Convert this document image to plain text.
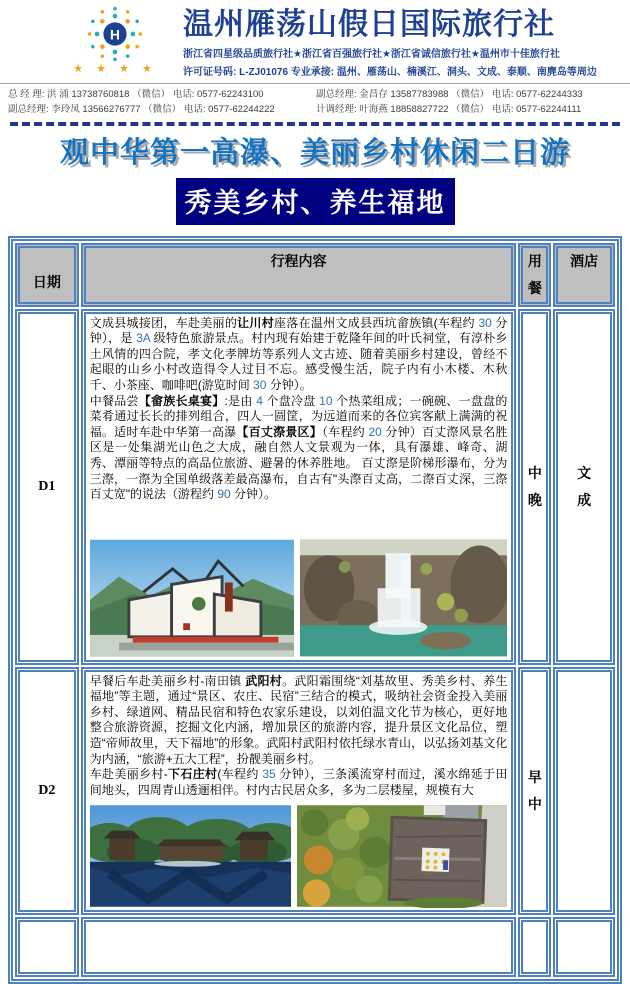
H
★ ★ ★ ★
温州雁荡山假日国际旅行社
浙江省四星级品质旅行社★浙江省百强旅行社★浙江省诚信旅行社★温州市十佳旅行社
许可证号码: L-ZJ01076 专业承接: 温州、雁荡山、楠溪江、洞头、文成、泰顺、南麂岛等周边
总 经 理: 洪 涌 13738760818 （微信） 电话: 0577-62243100
副总经理: 李玲凤 13566276777 （微信） 电话: 0577-62244222
副总经理: 金昌存 13587783988 （微信） 电话: 0577-62244333
计调经理: 叶海燕 18858827722 （微信） 电话: 0577-62244111
观中华第一高瀑、美丽乡村休闲二日游
秀美乡村、养生福地
日期	行程内容	用餐	酒店
D1	文成县城接团，车赴美丽的让川村座落在温州文成县西坑畲族镇(车程约 30 分钟），是 3A 级特色旅游景点。村内现有始建于乾隆年间的叶氏祠堂，有淳朴乡土风情的四合院，孝文化孝牌坊等系列人文古迹、随着美丽乡村建设，曾经不起眼的山乡小村改造得令人过目不忘。感受慢生活，院子内有小木楼、木秋千、小茶座、咖啡吧(游览时间 30 分钟）。
中餐品尝【畲族长桌宴】:是由 4 个盘冷盘 10 个热菜组成；一碗碗、一盘盘的菜肴通过长长的排列组合，四人一圆筐，为远道而来的各位宾客献上满满的祝福。适时车赴中华第一高瀑【百丈漈景区】（车程约 20 分钟）百丈漈风景名胜区是一处集湖光山色之大成，融自然人文景观为一体，具有瀑雄、峰奇、湖秀、潭丽等特点的高品位旅游、避暑的休养胜地。 百丈漈是阶梯形瀑布，分为三漈，一漈为全国单级落差最高瀑布，自古有"头漈百丈高，二漈百丈深，三漈百丈宽"的说法（游程约 90 分钟）。	中晚	文成
D2	早餐后车赴美丽乡村-南田镇 武阳村。武阳霜围绕“刘基故里、秀美乡村、养生福地”等主题，通过“景区、农庄、民宿”三结合的模式，吸纳社会资金投入美丽乡村、绿道网、精品民宿和特色农家乐建设，以刘伯温文化节为核心，更好地整合旅游资源，挖掘文化内涵，增加景区的旅游内容，提升景区文化品位，塑造“帝师故里，天下福地”的形象。武阳村武阳村依托绿水青山，以弘扬刘基文化为内涵，“旅游+五大工程”，扮靓美丽乡村。
车赴美丽乡村-下石庄村(车程约 35 分钟），三条溪流穿村而过，溪水绵延于田间地头，四周青山透逦相伴。村内古民居众多，多为二层楼屋，规模有大	早中	
